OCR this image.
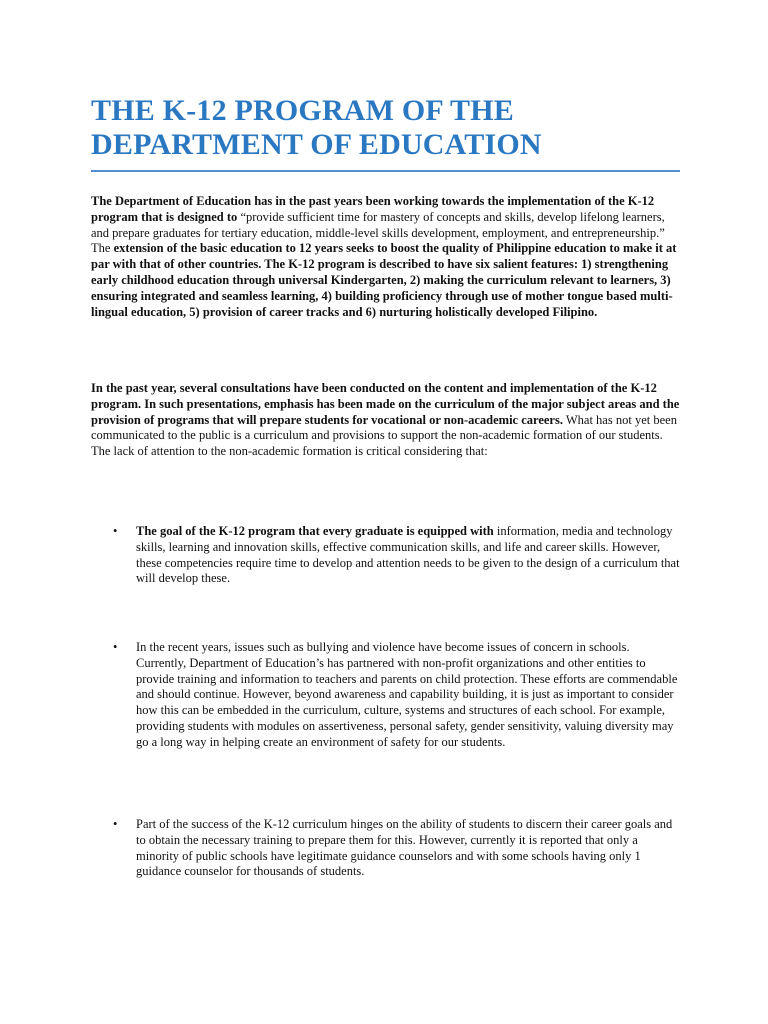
THE K-12 PROGRAM OF THE
DEPARTMENT OF EDUCATION

The Department of Education has in the past years been working towards the implementation of the K-12 program that is designed to “provide sufficient time for mastery of concepts and skills, develop lifelong learners, and prepare graduates for tertiary education, middle-level skills development, employment, and entrepreneurship.” The extension of the basic education to 12 years seeks to boost the quality of Philippine education to make it at par with that of other countries. The K-12 program is described to have six salient features: 1) strengthening early childhood education through universal Kindergarten, 2) making the curriculum relevant to learners, 3) ensuring integrated and seamless learning, 4) building proficiency through use of mother tongue based multi-lingual education, 5) provision of career tracks and 6) nurturing holistically developed Filipino.

In the past year, several consultations have been conducted on the content and implementation of the K-12 program. In such presentations, emphasis has been made on the curriculum of the major subject areas and the provision of programs that will prepare students for vocational or non-academic careers. What has not yet been communicated to the public is a curriculum and provisions to support the non-academic formation of our students. The lack of attention to the non-academic formation is critical considering that:

• The goal of the K-12 program that every graduate is equipped with information, media and technology skills, learning and innovation skills, effective communication skills, and life and career skills. However, these competencies require time to develop and attention needs to be given to the design of a curriculum that will develop these.

• In the recent years, issues such as bullying and violence have become issues of concern in schools. Currently, Department of Education’s has partnered with non-profit organizations and other entities to provide training and information to teachers and parents on child protection. These efforts are commendable and should continue. However, beyond awareness and capability building, it is just as important to consider how this can be embedded in the curriculum, culture, systems and structures of each school. For example, providing students with modules on assertiveness, personal safety, gender sensitivity, valuing diversity may go a long way in helping create an environment of safety for our students.

• Part of the success of the K-12 curriculum hinges on the ability of students to discern their career goals and to obtain the necessary training to prepare them for this. However, currently it is reported that only a minority of public schools have legitimate guidance counselors and with some schools having only 1 guidance counselor for thousands of students.
